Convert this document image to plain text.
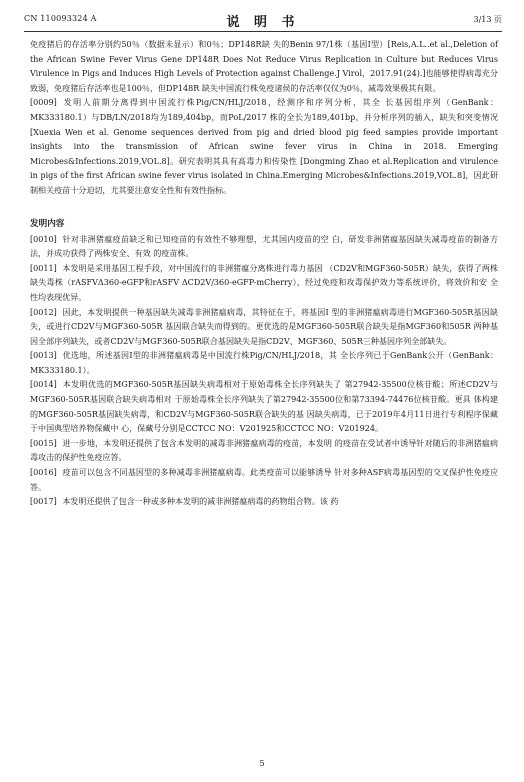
CN 110093324 A	说 明 书	3/13 页

免疫猪后的存活率分别约50％（数据未显示）和0％；DP148R缺 失的Benin 97/1株（基因I型）[Reis,A.L..et al.,Deletion of the African Swine Fever Virus Gene DP148R Does Not Reduce Virus Replication in Culture but Reduces Virus Virulence in Pigs and Induces High Levels of Protection against Challenge.J Virol，2017.91(24).]也能够使得病毒充分致弱，免疫猪后存活率也是100％，但DP148R 缺失中国流行株免疫诸侯的存活率仅仅为0％，减毒效果极其有限。

[0009] 发明人前期分离得到中国流行株Pig/CN/HLJ/2018，经测序和序列分析，其全 长基因组序列（GenBank：MK333180.1）与DB/LN/2018均为189,404bp，而PoL/2017 株的全长为189,401bp，并分析序列的插入，缺失和突变情况[Xuexia Wen et al. Genome sequences derived from pig and dried blood pig feed sampies provide important insights into the transmission of African swine fever virus in China in 2018. Emerging Microbes&Infections.2019,VOL.8]。研究表明其具有高毒力和传染性 [Dongming Zhao et al.Replication and virulence in pigs of the first African swine fever virus isolated in China.Emerging Microbes&Infections.2019,VOL.8]，因此研制相关疫苗十分迫切，尤其要注意安全性和有效性指标。

发明内容

[0010] 针对非洲猪瘟疫苗缺乏和已知疫苗的有效性不够理想，尤其国内疫苗的空 白，研发非洲猪瘟基因缺失减毒疫苗的制备方法，并成功获得了两株安全、有效 的疫苗株。

[0011] 本发明是采用基因工程手段，对中国流行的非洲猪瘟分离株进行毒力基因 （CD2V和MGF360-505R）缺失，获得了两株缺失毒株（rASFVΔ360-eGFP和rASFV ΔCD2V/360-eGFP-mCherry），经过免疫和攻毒保护效力等系统评价，将效价和安 全性均表现优异。

[0012] 因此，本发明提供一种基因缺失减毒非洲猪瘟病毒，其特征在于，将基因I 型的非洲猪瘟病毒进行MGF360-505R基因缺失，或进行CD2V与MGF360-505R 基因联合缺失而得到的。更优选的是MGF360-505R联合缺失是指MGF360和505R 两种基因全部序列缺失，或者CD2V与MGF360-505R联合基因缺失是指CD2V、MGF360、505R三种基因序列全部缺失。

[0013] 优选地，所述基因I型的非洲猪瘟病毒是中国流行株Pig/CN/HLJ/2018，其 全长序列已于GenBank公开（GenBank：MK333180.1）。

[0014] 本发明优选的MGF360-505R基因缺失病毒相对于原始毒株全长序列缺失了 第27942-35500位核苷酸；所述CD2V与MGF360-505R基因联合缺失病毒相对 于原始毒株全长序列缺失了第27942-35500位和第73394-74476位核苷酸。更具 体构建的MGF360-505R基因缺失病毒，和CD2V与MGF360-505R联合缺失的基 因缺失病毒，已于2019年4月11日进行专利程序保藏于中国典型培养物保藏中 心，保藏号分别是CCTCC NO：V201925和CCTCC NO：V201924。

[0015] 进一步地，本发明还提供了包含本发明的减毒非洲猪瘟病毒的疫苗，本发明 的疫苗在受试者中诱导针对随后的非洲猪瘟病毒攻击的保护性免疫应答。

[0016] 疫苗可以包含不同基因型的多种减毒非洲猪瘟病毒。此类疫苗可以能够诱导 针对多种ASF病毒基因型的交叉保护性免疫应答。

[0017] 本发明还提供了包含一种或多种本发明的减非洲猪瘟病毒的药物组合物。该 药

5
